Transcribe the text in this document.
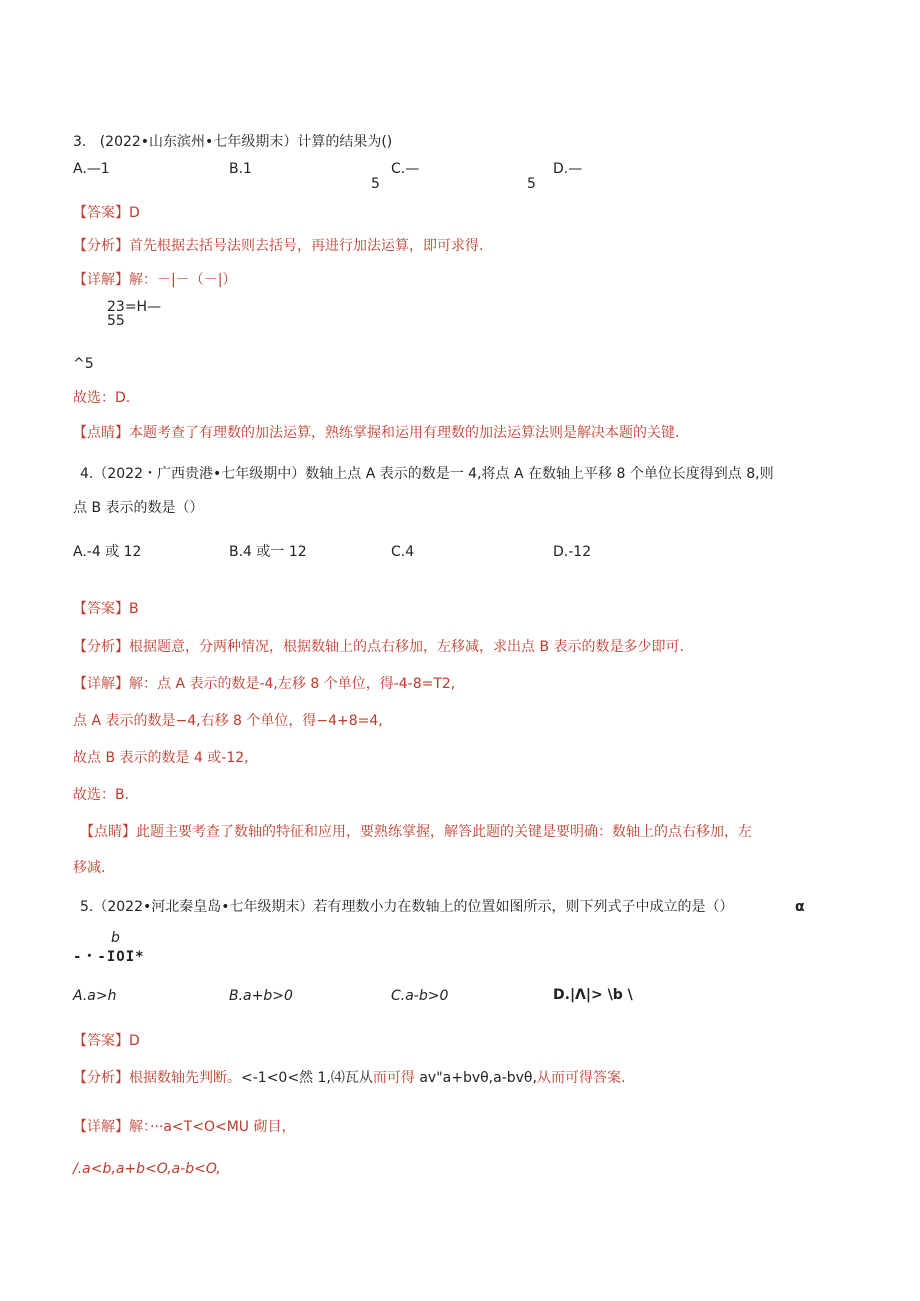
3.   (2022•山东滨州•七年级期末）计算的结果为()
A.—1	B.1	C.—
5
D.—
5
【答案】D
【分析】首先根据去括号法则去括号，再进行加法运算，即可求得.
【详解】解：－|－（－|）
23=H—
55
^5
故选：D.
【点睛】本题考查了有理数的加法运算，熟练掌握和运用有理数的加法运算法则是解决本题的关键.
4.（2022・广西贵港•七年级期中）数轴上点 A 表示的数是一 4,将点 A 在数轴上平移 8 个单位长度得到点 8,则
点 B 表示的数是（）
A.-4 或 12	B.4 或一 12	C.4	D.-12
【答案】B
【分析】根据题意，分两种情况，根据数轴上的点右移加，左移减，求出点 B 表示的数是多少即可.
【详解】解：点 A 表示的数是-4,左移 8 个单位，得-4-8=T2,
点 A 表示的数是−4,右移 8 个单位，得−4+8=4,
故点 B 表示的数是 4 或-12,
故选：B.
【点睛】此题主要考查了数轴的特征和应用，要熟练掌握，解答此题的关键是要明确：数轴上的点右移加，左
移减.
5.（2022•河北秦皇岛•七年级期末）若有理数小力在数轴上的位置如图所示，则下列式子中成立的是（）	α
b
-・-IOI*
A.a>h	B.a+b>0	C.a-b>0	D.|Λ|> \b \
【答案】D
【分析】根据数轴先判断。<-1<0<然 1,⑷瓦从而可得 av"a+bvθ,a-bvθ,从而可得答案.
【详解】解：···a<T<O<MU 砌目，
/.a<b,a+b<O,a-b<O,
